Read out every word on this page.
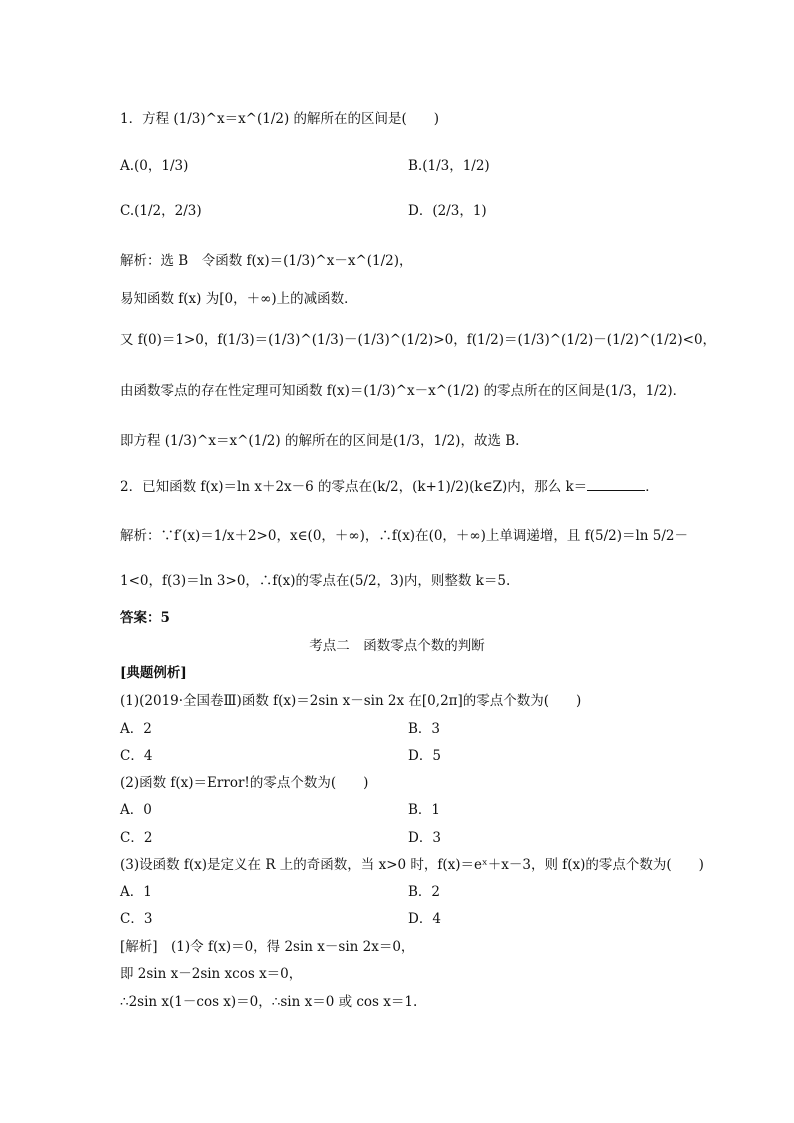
1．方程 (1/3)^x＝x^(1/2) 的解所在的区间是(　　)
A.(0，1/3)	B.(1/3，1/2)
C.(1/2，2/3)	D．(2/3，1)
解析：选 B　令函数 f(x)＝(1/3)^x－x^(1/2)，
易知函数 f(x) 为[0，＋∞)上的减函数．
又 f(0)＝1>0，f(1/3)＝(1/3)^(1/3)－(1/3)^(1/2)>0，f(1/2)＝(1/3)^(1/2)－(1/2)^(1/2)<0，
由函数零点的存在性定理可知函数 f(x)＝(1/3)^x－x^(1/2) 的零点所在的区间是(1/3，1/2)．
即方程 (1/3)^x＝x^(1/2) 的解所在的区间是(1/3，1/2)，故选 B.
2．已知函数 f(x)＝ln x＋2x－6 的零点在(k/2，(k+1)/2)(k∈Z)内，那么 k＝	．
解析：∵f′(x)＝1/x＋2>0，x∈(0，＋∞)，∴f(x)在(0，＋∞)上单调递增，且 f(5/2)＝ln 5/2－
1<0，f(3)＝ln 3>0，∴f(x)的零点在(5/2，3)内，则整数 k＝5.
答案：5
考点二　函数零点个数的判断
[典题例析]
(1)(2019·全国卷Ⅲ)函数 f(x)＝2sin x－sin 2x 在[0,2π]的零点个数为(　　)
A．2	B．3
C．4	D．5
(2)函数 f(x)＝Error!的零点个数为(　　)
A．0	B．1
C．2	D．3
(3)设函数 f(x)是定义在 R 上的奇函数，当 x>0 时，f(x)＝eˣ＋x－3，则 f(x)的零点个数为(　　)
A．1	B．2
C．3	D．4
[解析]　(1)令 f(x)＝0，得 2sin x－sin 2x＝0，
即 2sin x－2sin xcos x＝0，
∴2sin x(1－cos x)＝0，∴sin x＝0 或 cos x＝1.
